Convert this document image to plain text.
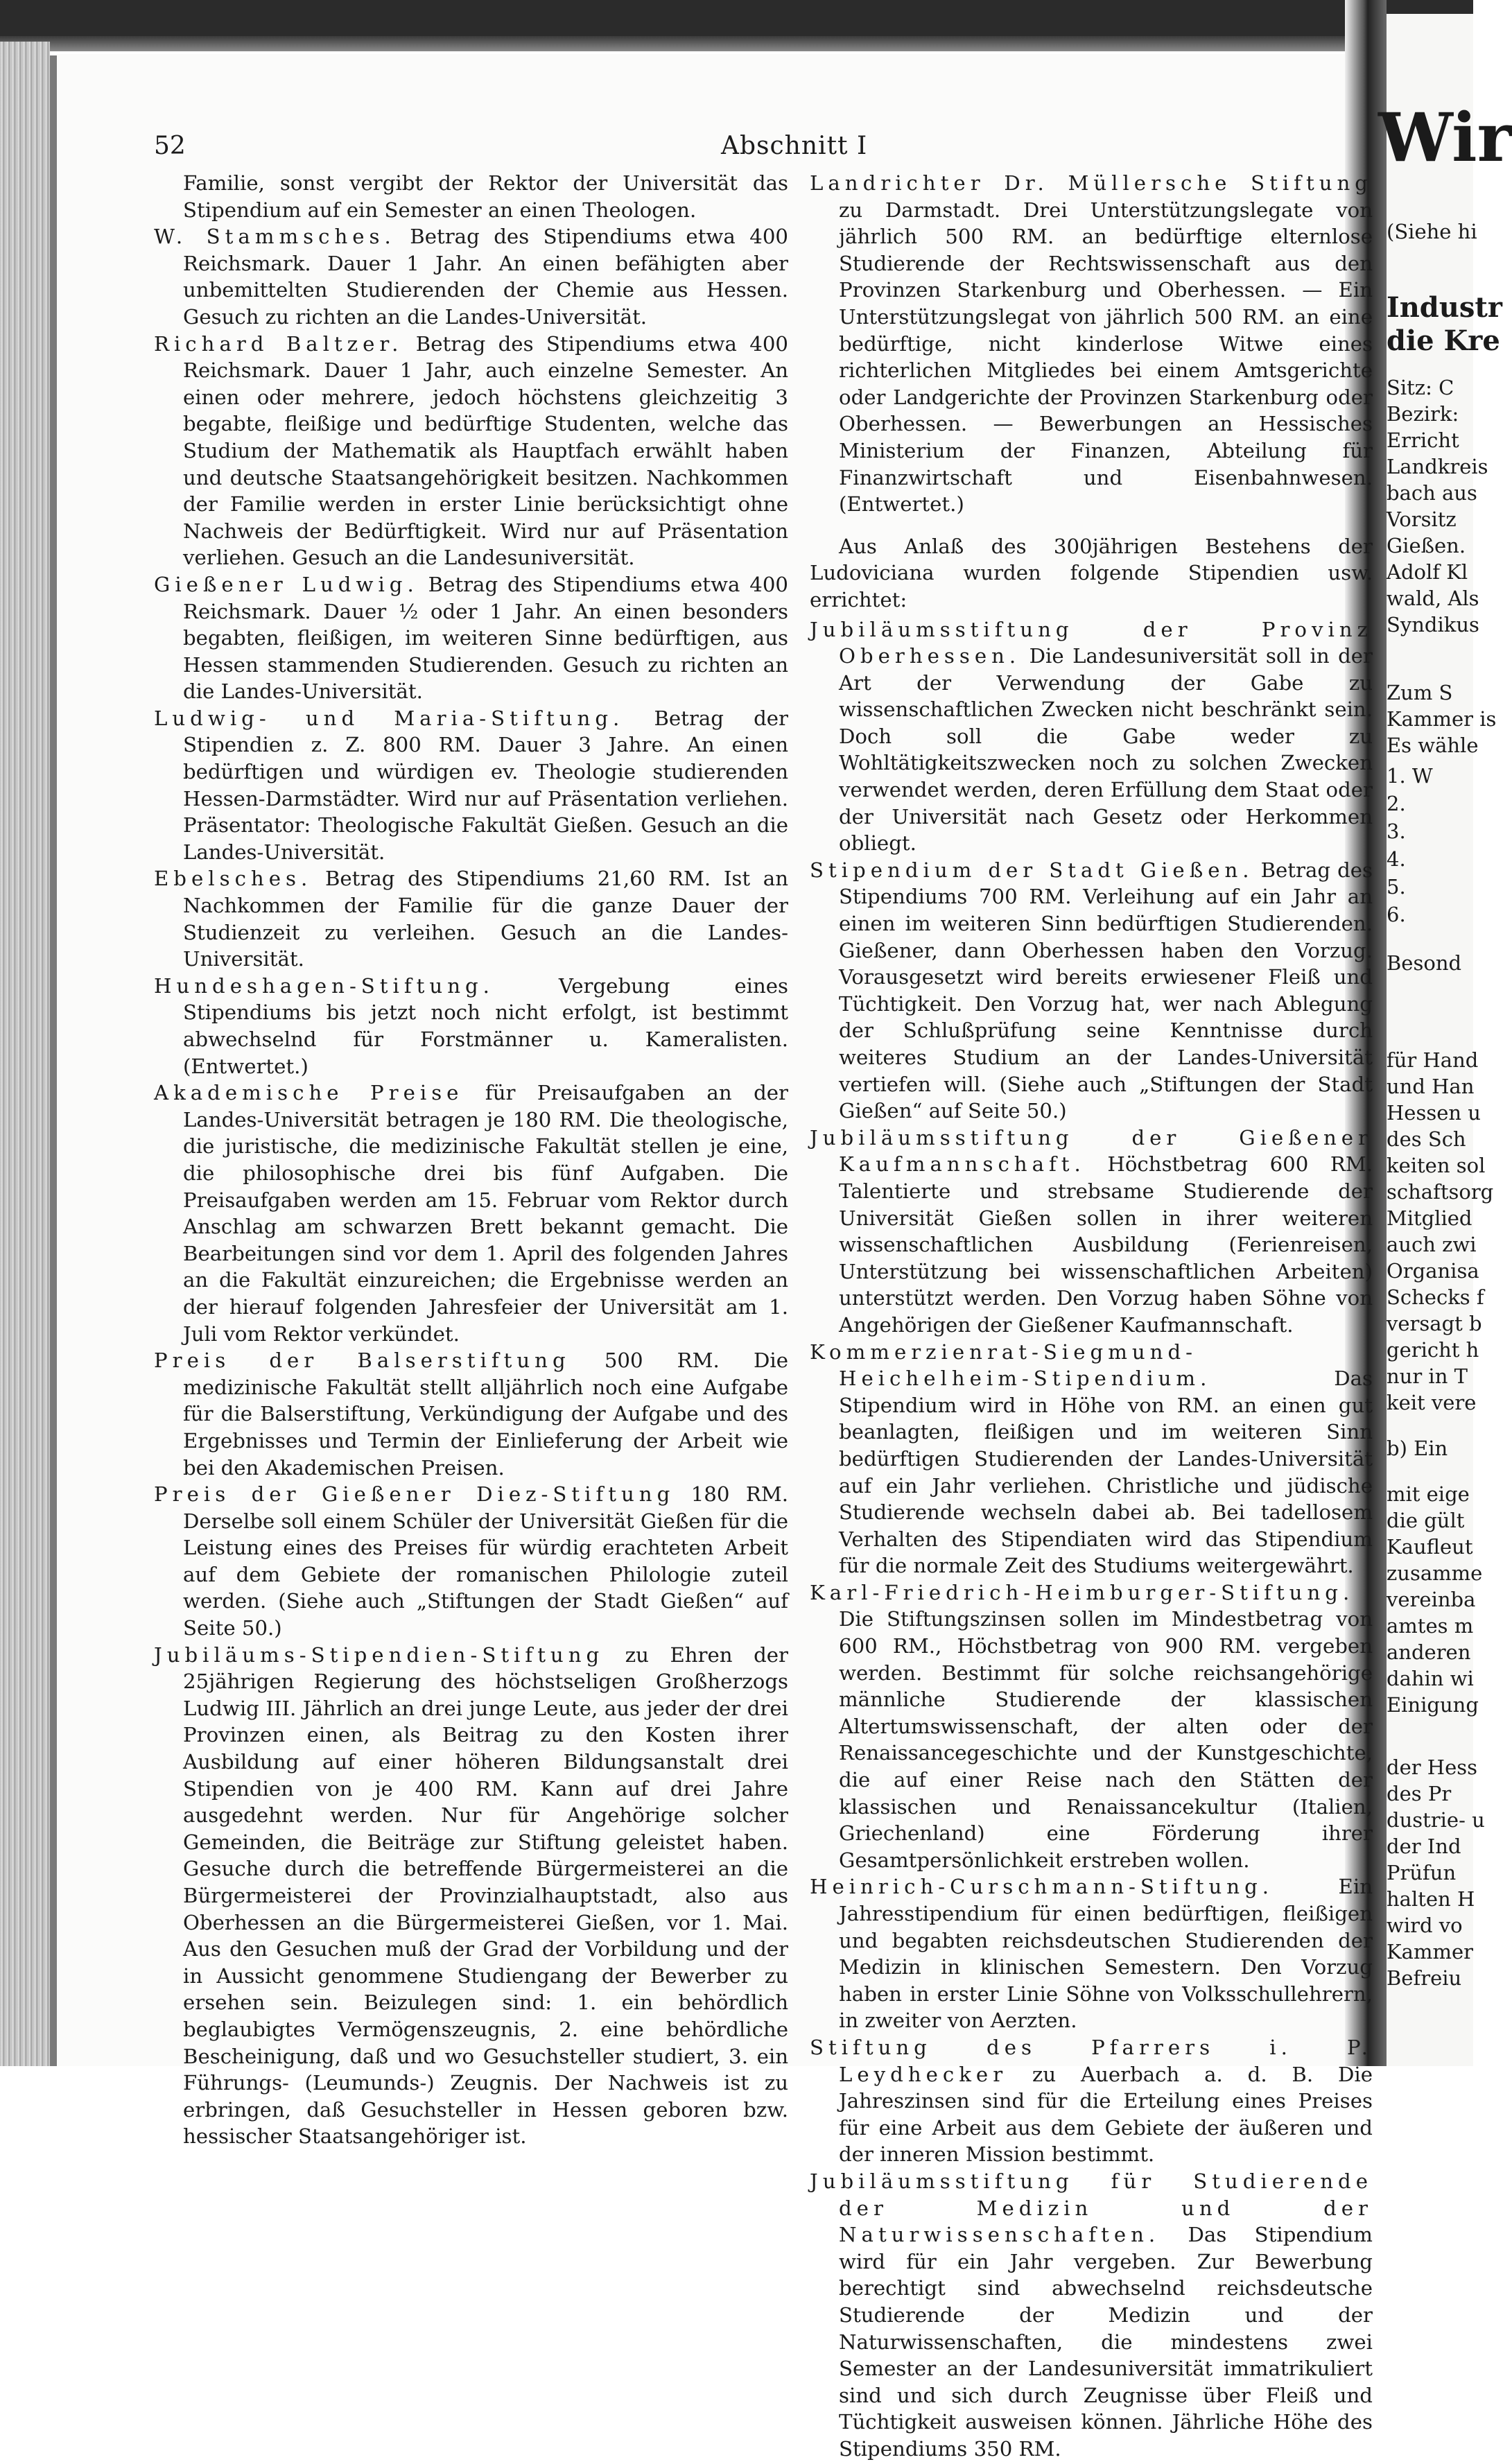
Wir
(Siehe hi
Industr
die Kre
Sitz: C
Bezirk:
Erricht
Landkreis
bach aus
Vorsitz
Gießen.
Adolf Kl
wald, Als
Syndikus
Zum S
Kammer is
Es wähle
1. W
2.
3.
4.
5.
6.
Besond
für Hand
und Han
Hessen u
des Sch
keiten sol
schaftsorg
Mitglied
auch zwi
Organisa
Schecks f
versagt b
gericht h
nur in T
keit vere
b) Ein
mit eige
die gült
Kaufleut
zusamme
vereinba
amtes m
anderen
dahin wi
Einigung
der Hess
des Pr
dustrie- u
der Ind
Prüfun
halten H
wird vo
Kammer
Befreiu
52	Abschnitt I

Familie, sonst vergibt der Rektor der Universität das Stipendium auf ein Semester an einen Theologen.

W. Stammsches. Betrag des Stipendiums etwa 400 Reichsmark. Dauer 1 Jahr. An einen befähigten aber unbemittelten Studierenden der Chemie aus Hessen. Gesuch zu richten an die Landes-Universität.

Richard Baltzer. Betrag des Stipendiums etwa 400 Reichsmark. Dauer 1 Jahr, auch einzelne Semester. An einen oder mehrere, jedoch höchstens gleichzeitig 3 begabte, fleißige und bedürftige Studenten, welche das Studium der Mathematik als Hauptfach erwählt haben und deutsche Staatsangehörigkeit besitzen. Nachkommen der Familie werden in erster Linie berücksichtigt ohne Nachweis der Bedürftigkeit. Wird nur auf Präsentation verliehen. Gesuch an die Landesuniversität.

Gießener Ludwig. Betrag des Stipendiums etwa 400 Reichsmark. Dauer ½ oder 1 Jahr. An einen besonders begabten, fleißigen, im weiteren Sinne bedürftigen, aus Hessen stammenden Studierenden. Gesuch zu richten an die Landes-Universität.

Ludwig- und Maria-Stiftung. Betrag der Stipendien z. Z. 800 RM. Dauer 3 Jahre. An einen bedürftigen und würdigen ev. Theologie studierenden Hessen-Darmstädter. Wird nur auf Präsentation verliehen. Präsentator: Theologische Fakultät Gießen. Gesuch an die Landes-Universität.

Ebelsches. Betrag des Stipendiums 21,60 RM. Ist an Nachkommen der Familie für die ganze Dauer der Studienzeit zu verleihen. Gesuch an die Landes-Universität.

Hundeshagen-Stiftung. Vergebung eines Stipendiums bis jetzt noch nicht erfolgt, ist bestimmt abwechselnd für Forstmänner u. Kameralisten. (Entwertet.)

Akademische Preise für Preisaufgaben an der Landes-Universität betragen je 180 RM. Die theologische, die juristische, die medizinische Fakultät stellen je eine, die philosophische drei bis fünf Aufgaben. Die Preisaufgaben werden am 15. Februar vom Rektor durch Anschlag am schwarzen Brett bekannt gemacht. Die Bearbeitungen sind vor dem 1. April des folgenden Jahres an die Fakultät einzureichen; die Ergebnisse werden an der hierauf folgenden Jahresfeier der Universität am 1. Juli vom Rektor verkündet.

Preis der Balserstiftung 500 RM. Die medizinische Fakultät stellt alljährlich noch eine Aufgabe für die Balserstiftung, Verkündigung der Aufgabe und des Ergebnisses und Termin der Einlieferung der Arbeit wie bei den Akademischen Preisen.

Preis der Gießener Diez-Stiftung 180 RM. Derselbe soll einem Schüler der Universität Gießen für die Leistung eines des Preises für würdig erachteten Arbeit auf dem Gebiete der romanischen Philologie zuteil werden. (Siehe auch „Stiftungen der Stadt Gießen“ auf Seite 50.)

Jubiläums-Stipendien-Stiftung zu Ehren der 25jährigen Regierung des höchstseligen Großherzogs Ludwig III. Jährlich an drei junge Leute, aus jeder der drei Provinzen einen, als Beitrag zu den Kosten ihrer Ausbildung auf einer höheren Bildungsanstalt drei Stipendien von je 400 RM. Kann auf drei Jahre ausgedehnt werden. Nur für Angehörige solcher Gemeinden, die Beiträge zur Stiftung geleistet haben. Gesuche durch die betreffende Bürgermeisterei an die Bürgermeisterei der Provinzialhauptstadt, also aus Oberhessen an die Bürgermeisterei Gießen, vor 1. Mai. Aus den Gesuchen muß der Grad der Vorbildung und der in Aussicht genommene Studiengang der Bewerber zu ersehen sein. Beizulegen sind: 1. ein behördlich beglaubigtes Vermögenszeugnis, 2. eine behördliche Bescheinigung, daß und wo Gesuchsteller studiert, 3. ein Führungs- (Leumunds-) Zeugnis. Der Nachweis ist zu erbringen, daß Gesuchsteller in Hessen geboren bzw. hessischer Staatsangehöriger ist.

Landrichter Dr. Müllersche Stiftung zu Darmstadt. Drei Unterstützungslegate von jährlich 500 RM. an bedürftige elternlose Studierende der Rechtswissenschaft aus den Provinzen Starkenburg und Oberhessen. — Ein Unterstützungslegat von jährlich 500 RM. an eine bedürftige, nicht kinderlose Witwe eines richterlichen Mitgliedes bei einem Amtsgerichte oder Landgerichte der Provinzen Starkenburg oder Oberhessen. — Bewerbungen an Hessisches Ministerium der Finanzen, Abteilung für Finanzwirtschaft und Eisenbahnwesen. (Entwertet.)

Aus Anlaß des 300jährigen Bestehens der Ludoviciana wurden folgende Stipendien usw. errichtet:

Jubiläumsstiftung der Provinz Oberhessen. Die Landesuniversität soll in der Art der Verwendung der Gabe zu wissenschaftlichen Zwecken nicht beschränkt sein. Doch soll die Gabe weder zu Wohltätigkeitszwecken noch zu solchen Zwecken verwendet werden, deren Erfüllung dem Staat oder der Universität nach Gesetz oder Herkommen obliegt.

Stipendium der Stadt Gießen. Betrag des Stipendiums 700 RM. Verleihung auf ein Jahr an einen im weiteren Sinn bedürftigen Studierenden. Gießener, dann Oberhessen haben den Vorzug. Vorausgesetzt wird bereits erwiesener Fleiß und Tüchtigkeit. Den Vorzug hat, wer nach Ablegung der Schlußprüfung seine Kenntnisse durch weiteres Studium an der Landes-Universität vertiefen will. (Siehe auch „Stiftungen der Stadt Gießen“ auf Seite 50.)

Jubiläumsstiftung der Gießener Kaufmannschaft. Höchstbetrag 600 RM. Talentierte und strebsame Studierende der Universität Gießen sollen in ihrer weiteren wissenschaftlichen Ausbildung (Ferienreisen, Unterstützung bei wissenschaftlichen Arbeiten) unterstützt werden. Den Vorzug haben Söhne von Angehörigen der Gießener Kaufmannschaft.

Kommerzienrat-Siegmund-Heichelheim-Stipendium. Das Stipendium wird in Höhe von RM. an einen gut beanlagten, fleißigen und im weiteren Sinn bedürftigen Studierenden der Landes-Universität auf ein Jahr verliehen. Christliche und jüdische Studierende wechseln dabei ab. Bei tadellosem Verhalten des Stipendiaten wird das Stipendium für die normale Zeit des Studiums weitergewährt.

Karl-Friedrich-Heimburger-Stiftung. Die Stiftungszinsen sollen im Mindestbetrag von 600 RM., Höchstbetrag von 900 RM. vergeben werden. Bestimmt für solche reichsangehörige männliche Studierende der klassischen Altertumswissenschaft, der alten oder der Renaissancegeschichte und der Kunstgeschichte, die auf einer Reise nach den Stätten der klassischen und Renaissancekultur (Italien, Griechenland) eine Förderung ihrer Gesamtpersönlichkeit erstreben wollen.

Heinrich-Curschmann-Stiftung. Ein Jahresstipendium für einen bedürftigen, fleißigen und begabten reichsdeutschen Studierenden der Medizin in klinischen Semestern. Den Vorzug haben in erster Linie Söhne von Volksschullehrern, in zweiter von Aerzten.

Stiftung des Pfarrers i. P. Leydhecker zu Auerbach a. d. B. Die Jahreszinsen sind für die Erteilung eines Preises für eine Arbeit aus dem Gebiete der äußeren und der inneren Mission bestimmt.

Jubiläumsstiftung für Studierende der Medizin und der Naturwissenschaften. Das Stipendium wird für ein Jahr vergeben. Zur Bewerbung berechtigt sind abwechselnd reichsdeutsche Studierende der Medizin und der Naturwissenschaften, die mindestens zwei Semester an der Landesuniversität immatrikuliert sind und sich durch Zeugnisse über Fleiß und Tüchtigkeit ausweisen können. Jährliche Höhe des Stipendiums 350 RM.
